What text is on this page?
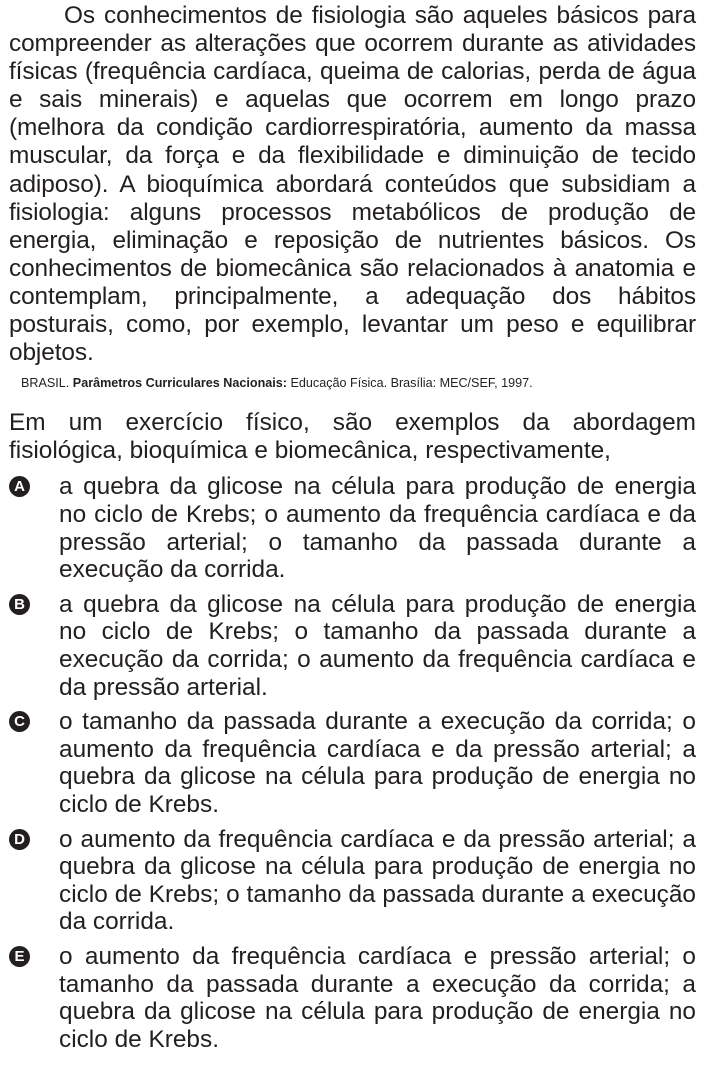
Os conhecimentos de fisiologia são aqueles básicos para compreender as alterações que ocorrem durante as atividades físicas (frequência cardíaca, queima de calorias, perda de água e sais minerais) e aquelas que ocorrem em longo prazo (melhora da condição cardiorrespiratória, aumento da massa muscular, da força e da flexibilidade e diminuição de tecido adiposo). A bioquímica abordará conteúdos que subsidiam a fisiologia: alguns processos metabólicos de produção de energia, eliminação e reposição de nutrientes básicos. Os conhecimentos de biomecânica são relacionados à anatomia e contemplam, principalmente, a adequação dos hábitos posturais, como, por exemplo, levantar um peso e equilibrar objetos.

BRASIL. Parâmetros Curriculares Nacionais: Educação Física. Brasília: MEC/SEF, 1997.

Em um exercício físico, são exemplos da abordagem fisiológica, bioquímica e biomecânica, respectivamente,

A a quebra da glicose na célula para produção de energia no ciclo de Krebs; o aumento da frequência cardíaca e da pressão arterial; o tamanho da passada durante a execução da corrida.
B a quebra da glicose na célula para produção de energia no ciclo de Krebs; o tamanho da passada durante a execução da corrida; o aumento da frequência cardíaca e da pressão arterial.
C o tamanho da passada durante a execução da corrida; o aumento da frequência cardíaca e da pressão arterial; a quebra da glicose na célula para produção de energia no ciclo de Krebs.
D o aumento da frequência cardíaca e da pressão arterial; a quebra da glicose na célula para produção de energia no ciclo de Krebs; o tamanho da passada durante a execução da corrida.
E o aumento da frequência cardíaca e pressão arterial; o tamanho da passada durante a execução da corrida; a quebra da glicose na célula para produção de energia no ciclo de Krebs.
